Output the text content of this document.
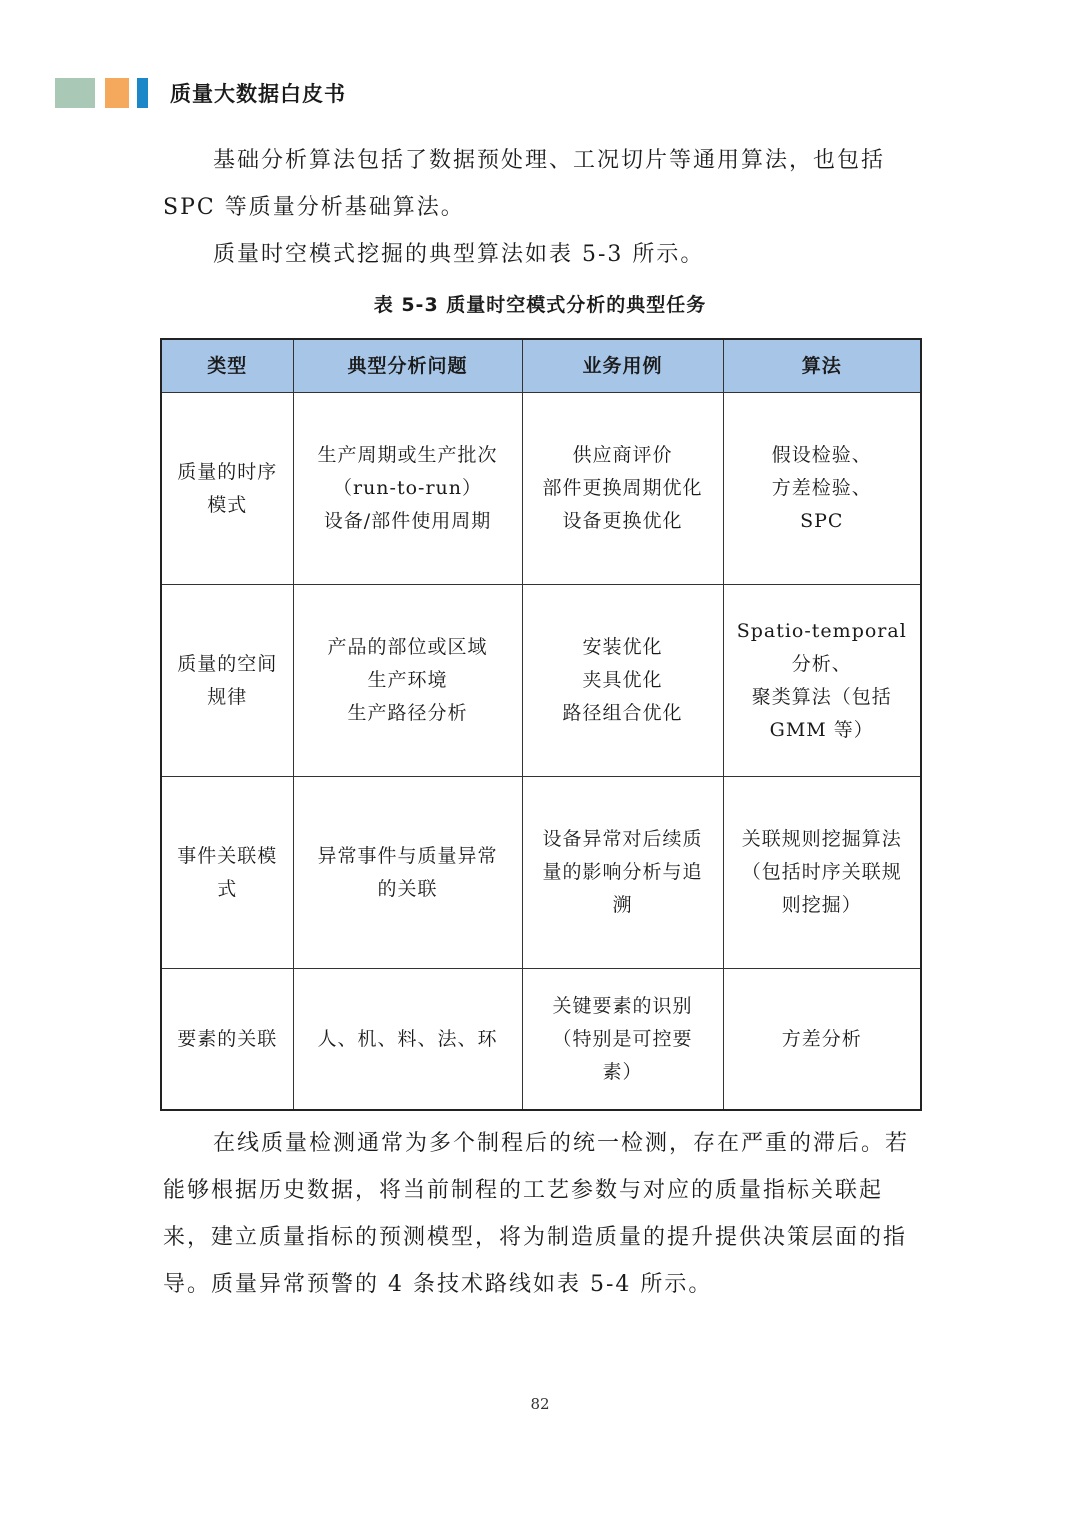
质量大数据白皮书

基础分析算法包括了数据预处理、工况切片等通用算法，也包括SPC 等质量分析基础算法。

质量时空模式挖掘的典型算法如表 5-3 所示。

表 5-3 质量时空模式分析的典型任务
类型	典型分析问题	业务用例	算法

质量的时序
模式	生产周期或生产批次
（run-to-run）
设备/部件使用周期	供应商评价
部件更换周期优化
设备更换优化	假设检验、
方差检验、
SPC

质量的空间
规律	产品的部位或区域
生产环境
生产路径分析	安装优化
夹具优化
路径组合优化	Spatio-temporal
分析、
聚类算法（包括
GMM 等）

事件关联模
式	异常事件与质量异常
的关联	设备异常对后续质
量的影响分析与追
溯	关联规则挖掘算法
（包括时序关联规
则挖掘）

要素的关联	人、机、料、法、环	关键要素的识别
（特别是可控要
素）	方差分析

在线质量检测通常为多个制程后的统一检测，存在严重的滞后。若能够根据历史数据，将当前制程的工艺参数与对应的质量指标关联起来，建立质量指标的预测模型，将为制造质量的提升提供决策层面的指导。质量异常预警的 4 条技术路线如表 5-4 所示。

82
